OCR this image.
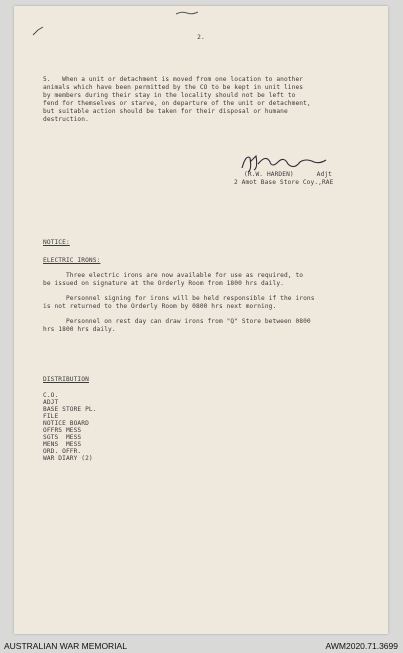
2.
5.   When a unit or detachment is moved from one location to another
animals which have been permitted by the CO to be kept in unit lines
by members during their stay in the locality should not be left to
fend for themselves or starve, on departure of the unit or detachment,
but suitable action should be taken for their disposal or humane
destruction.
(R.W. HARDEN)      Adjt
2 Amot Base Store Coy.,RAE
NOTICE:
ELECTRIC IRONS:
Three electric irons are now available for use as required, to
be issued on signature at the Orderly Room from 1800 hrs daily.
Personnel signing for irons will be held responsible if the irons
is not returned to the Orderly Room by 0800 hrs next morning.
Personnel on rest day can draw irons from "Q" Store between 0800
hrs 1800 hrs daily.
DISTRIBUTION
C.O.
ADJT
BASE STORE PL.
FILE
NOTICE BOARD
OFFRS MESS
SGTS  MESS
MENS  MESS
ORD. OFFR.
WAR DIARY (2)
AUSTRALIAN WAR MEMORIAL	AWM2020.71.3699
